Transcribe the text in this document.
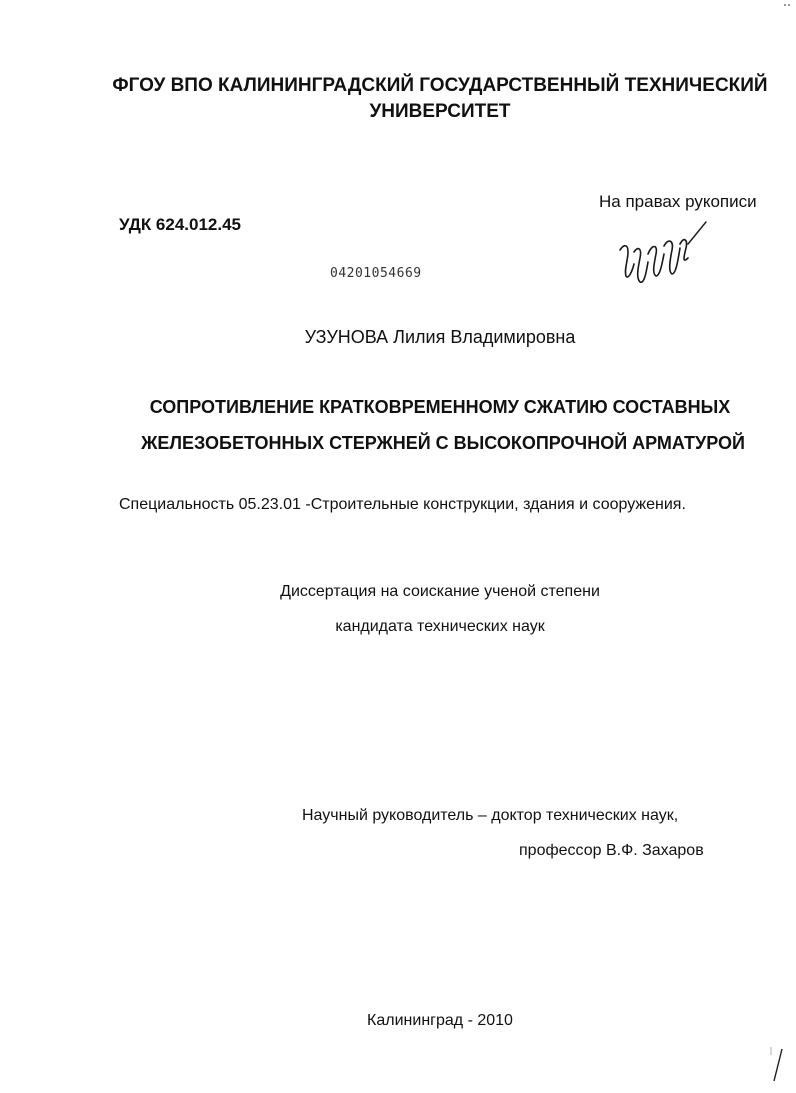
ФГОУ ВПО КАЛИНИНГРАДСКИЙ ГОСУДАРСТВЕННЫЙ ТЕХНИЧЕСКИЙ
УНИВЕРСИТЕТ
На правах рукописи
УДК 624.012.45
04201054669
УЗУНОВА Лилия Владимировна
СОПРОТИВЛЕНИЕ КРАТКОВРЕМЕННОМУ СЖАТИЮ СОСТАВНЫХ
ЖЕЛЕЗОБЕТОННЫХ СТЕРЖНЕЙ С ВЫСОКОПРОЧНОЙ АРМАТУРОЙ
Специальность 05.23.01 -Строительные конструкции, здания и сооружения.
Диссертация на соискание ученой степени
кандидата технических наук
Научный руководитель – доктор технических наук,
профессор В.Ф. Захаров
Калининград - 2010
